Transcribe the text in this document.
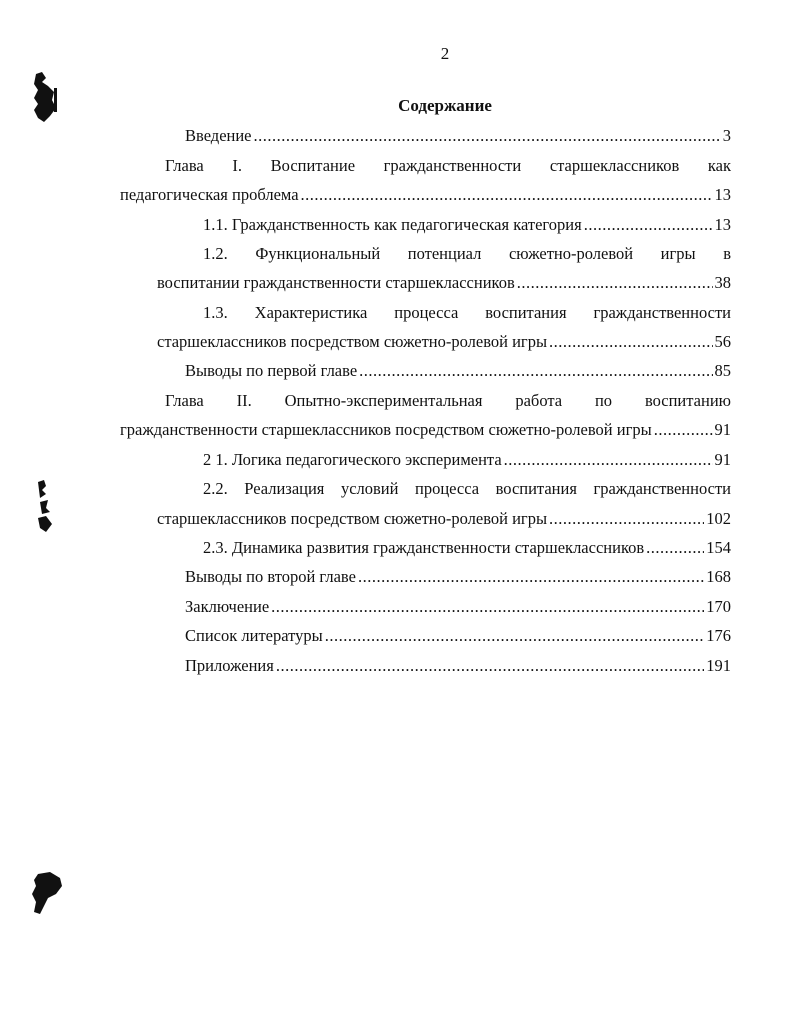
2
Содержание
Введение .....	3
Глава I. Воспитание гражданственности старшеклассников как
педагогическая проблема .....	13
1.1. Гражданственность как педагогическая категория .....	13
1.2. Функциональный потенциал сюжетно-ролевой игры в
воспитании гражданственности старшеклассников .....	38
1.3. Характеристика процесса воспитания гражданственности
старшеклассников посредством сюжетно-ролевой игры .....	56
Выводы по первой главе .....	85
Глава II. Опытно-экспериментальная работа по воспитанию
гражданственности старшеклассников посредством сюжетно-ролевой игры .....	91
2 1. Логика педагогического эксперимента .....	91
2.2. Реализация условий процесса воспитания гражданственности
старшеклассников посредством сюжетно-ролевой игры .....	102
2.3. Динамика развития гражданственности старшеклассников .....	154
Выводы по второй главе .....	168
Заключение .....	170
Список литературы .....	176
Приложения .....	191
